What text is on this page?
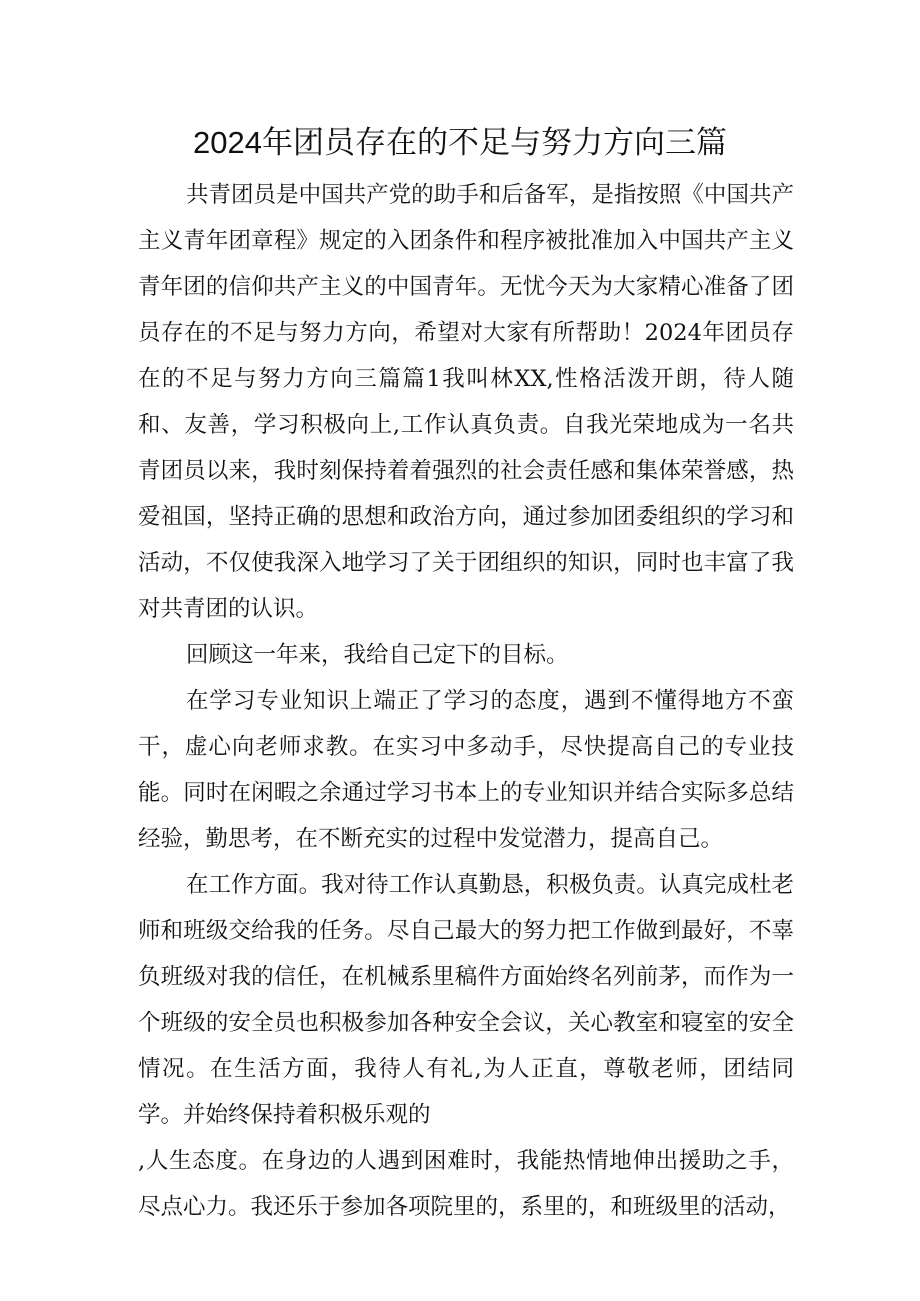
2024年团员存在的不足与努力方向三篇

共青团员是中国共产党的助手和后备军，是指按照《中国共产主义青年团章程》规定的入团条件和程序被批准加入中国共产主义青年团的信仰共产主义的中国青年。无忧今天为大家精心准备了团员存在的不足与努力方向，希望对大家有所帮助！2024年团员存在的不足与努力方向三篇篇1我叫林XX,性格活泼开朗，待人随和、友善，学习积极向上,工作认真负责。自我光荣地成为一名共青团员以来，我时刻保持着着强烈的社会责任感和集体荣誉感，热爱祖国，坚持正确的思想和政治方向，通过参加团委组织的学习和活动，不仅使我深入地学习了关于团组织的知识，同时也丰富了我对共青团的认识。

回顾这一年来，我给自己定下的目标。

在学习专业知识上端正了学习的态度，遇到不懂得地方不蛮干，虚心向老师求教。在实习中多动手，尽快提高自己的专业技能。同时在闲暇之余通过学习书本上的专业知识并结合实际多总结经验，勤思考，在不断充实的过程中发觉潜力，提高自己。

在工作方面。我对待工作认真勤恳，积极负责。认真完成杜老师和班级交给我的任务。尽自己最大的努力把工作做到最好，不辜负班级对我的信任，在机械系里稿件方面始终名列前茅，而作为一个班级的安全员也积极参加各种安全会议，关心教室和寝室的安全情况。在生活方面，我待人有礼,为人正直，尊敬老师，团结同学。并始终保持着积极乐观的

,人生态度。在身边的人遇到困难时，我能热情地伸出援助之手，尽点心力。我还乐于参加各项院里的，系里的，和班级里的活动，
